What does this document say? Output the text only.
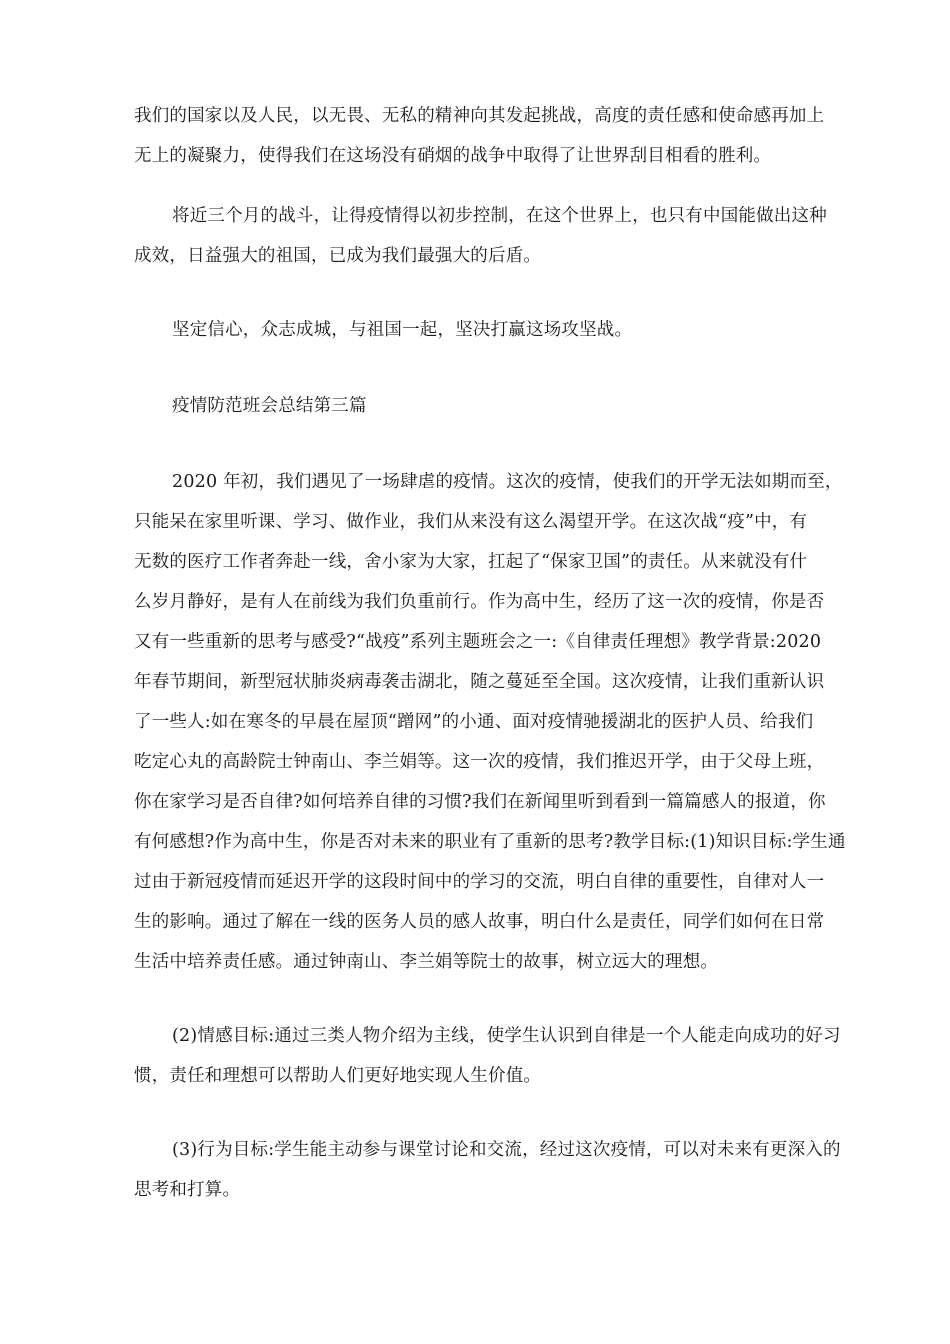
我们的国家以及人民，以无畏、无私的精神向其发起挑战，高度的责任感和使命感再加上
无上的凝聚力，使得我们在这场没有硝烟的战争中取得了让世界刮目相看的胜利。
将近三个月的战斗，让得疫情得以初步控制，在这个世界上，也只有中国能做出这种
成效，日益强大的祖国，已成为我们最强大的后盾。
坚定信心，众志成城，与祖国一起，坚决打赢这场攻坚战。
疫情防范班会总结第三篇
2020 年初，我们遇见了一场肆虐的疫情。这次的疫情，使我们的开学无法如期而至，
只能呆在家里听课、学习、做作业，我们从来没有这么渴望开学。在这次战“疫”中，有
无数的医疗工作者奔赴一线，舍小家为大家，扛起了“保家卫国”的责任。从来就没有什
么岁月静好，是有人在前线为我们负重前行。作为高中生，经历了这一次的疫情，你是否
又有一些重新的思考与感受?“战疫”系列主题班会之一:《自律责任理想》教学背景:2020
年春节期间，新型冠状肺炎病毒袭击湖北，随之蔓延至全国。这次疫情，让我们重新认识
了一些人:如在寒冬的早晨在屋顶“蹭网”的小通、面对疫情驰援湖北的医护人员、给我们
吃定心丸的高龄院士钟南山、李兰娟等。这一次的疫情，我们推迟开学，由于父母上班，
你在家学习是否自律?如何培养自律的习惯?我们在新闻里听到看到一篇篇感人的报道，你
有何感想?作为高中生，你是否对未来的职业有了重新的思考?教学目标:(1)知识目标:学生通
过由于新冠疫情而延迟开学的这段时间中的学习的交流，明白自律的重要性，自律对人一
生的影响。通过了解在一线的医务人员的感人故事，明白什么是责任，同学们如何在日常
生活中培养责任感。通过钟南山、李兰娟等院士的故事，树立远大的理想。
(2)情感目标:通过三类人物介绍为主线，使学生认识到自律是一个人能走向成功的好习
惯，责任和理想可以帮助人们更好地实现人生价值。
(3)行为目标:学生能主动参与课堂讨论和交流，经过这次疫情，可以对未来有更深入的
思考和打算。
